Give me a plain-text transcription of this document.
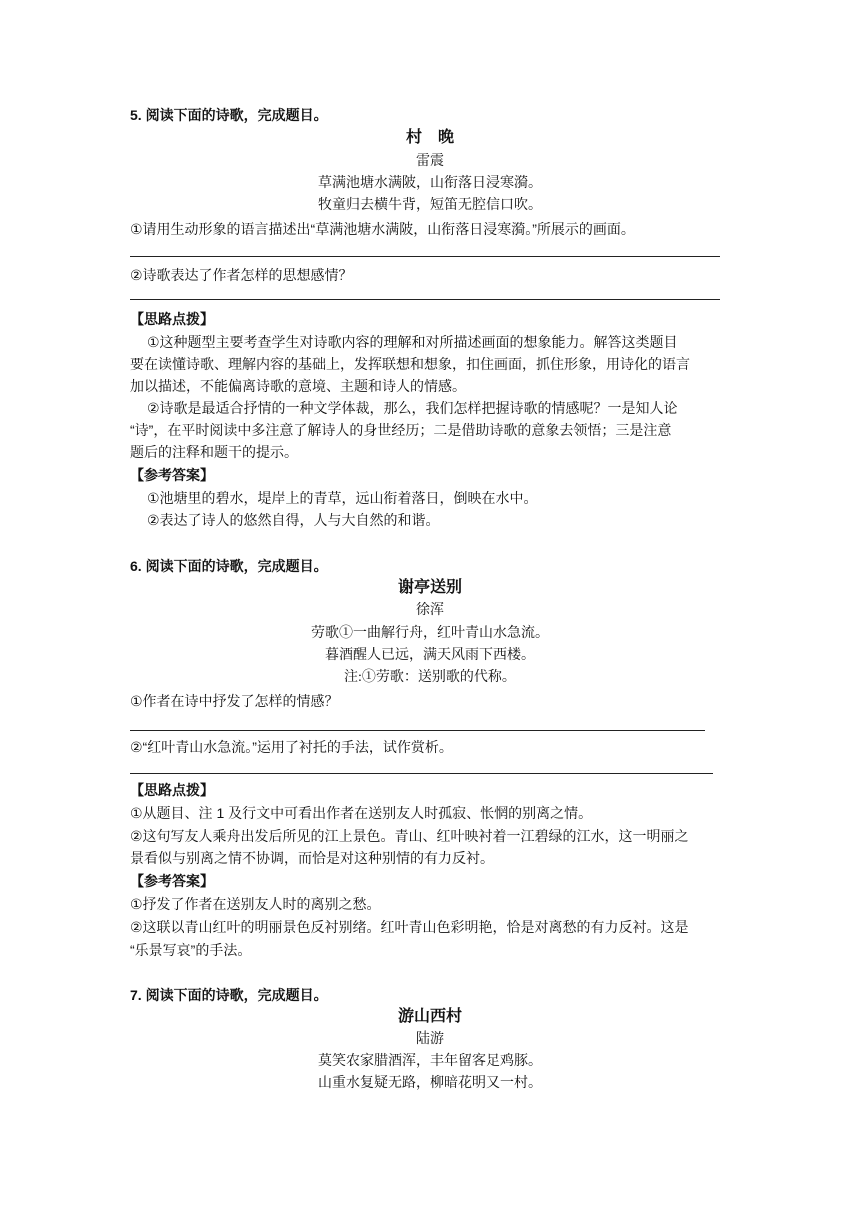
5. 阅读下面的诗歌，完成题目。
村　晚
雷震
草满池塘水满陂，山衔落日浸寒漪。
牧童归去横牛背，短笛无腔信口吹。
①请用生动形象的语言描述出“草满池塘水满陂，山衔落日浸寒漪。”所展示的画面。
②诗歌表达了作者怎样的思想感情？
【思路点拨】
①这种题型主要考查学生对诗歌内容的理解和对所描述画面的想象能力。解答这类题目
要在读懂诗歌、理解内容的基础上，发挥联想和想象，扣住画面，抓住形象，用诗化的语言
加以描述，不能偏离诗歌的意境、主题和诗人的情感。
②诗歌是最适合抒情的一种文学体裁，那么，我们怎样把握诗歌的情感呢？一是知人论
“诗”，在平时阅读中多注意了解诗人的身世经历；二是借助诗歌的意象去领悟；三是注意
题后的注释和题干的提示。
【参考答案】
①池塘里的碧水，堤岸上的青草，远山衔着落日，倒映在水中。
②表达了诗人的悠然自得，人与大自然的和谐。
6. 阅读下面的诗歌，完成题目。
谢亭送别
徐浑
劳歌①一曲解行舟，红叶青山水急流。
暮酒醒人已远，满天风雨下西楼。
注:①劳歌：送别歌的代称。
①作者在诗中抒发了怎样的情感？
②“红叶青山水急流。”运用了衬托的手法，试作赏析。
【思路点拨】
①从题目、注 1 及行文中可看出作者在送别友人时孤寂、怅惘的别离之情。
②这句写友人乘舟出发后所见的江上景色。青山、红叶映衬着一江碧绿的江水，这一明丽之
景看似与别离之情不协调，而恰是对这种别情的有力反衬。
【参考答案】
①抒发了作者在送别友人时的离别之愁。
②这联以青山红叶的明丽景色反衬别绪。红叶青山色彩明艳，恰是对离愁的有力反衬。这是
“乐景写哀”的手法。
7. 阅读下面的诗歌，完成题目。
游山西村
陆游
莫笑农家腊酒浑，丰年留客足鸡豚。
山重水复疑无路，柳暗花明又一村。
